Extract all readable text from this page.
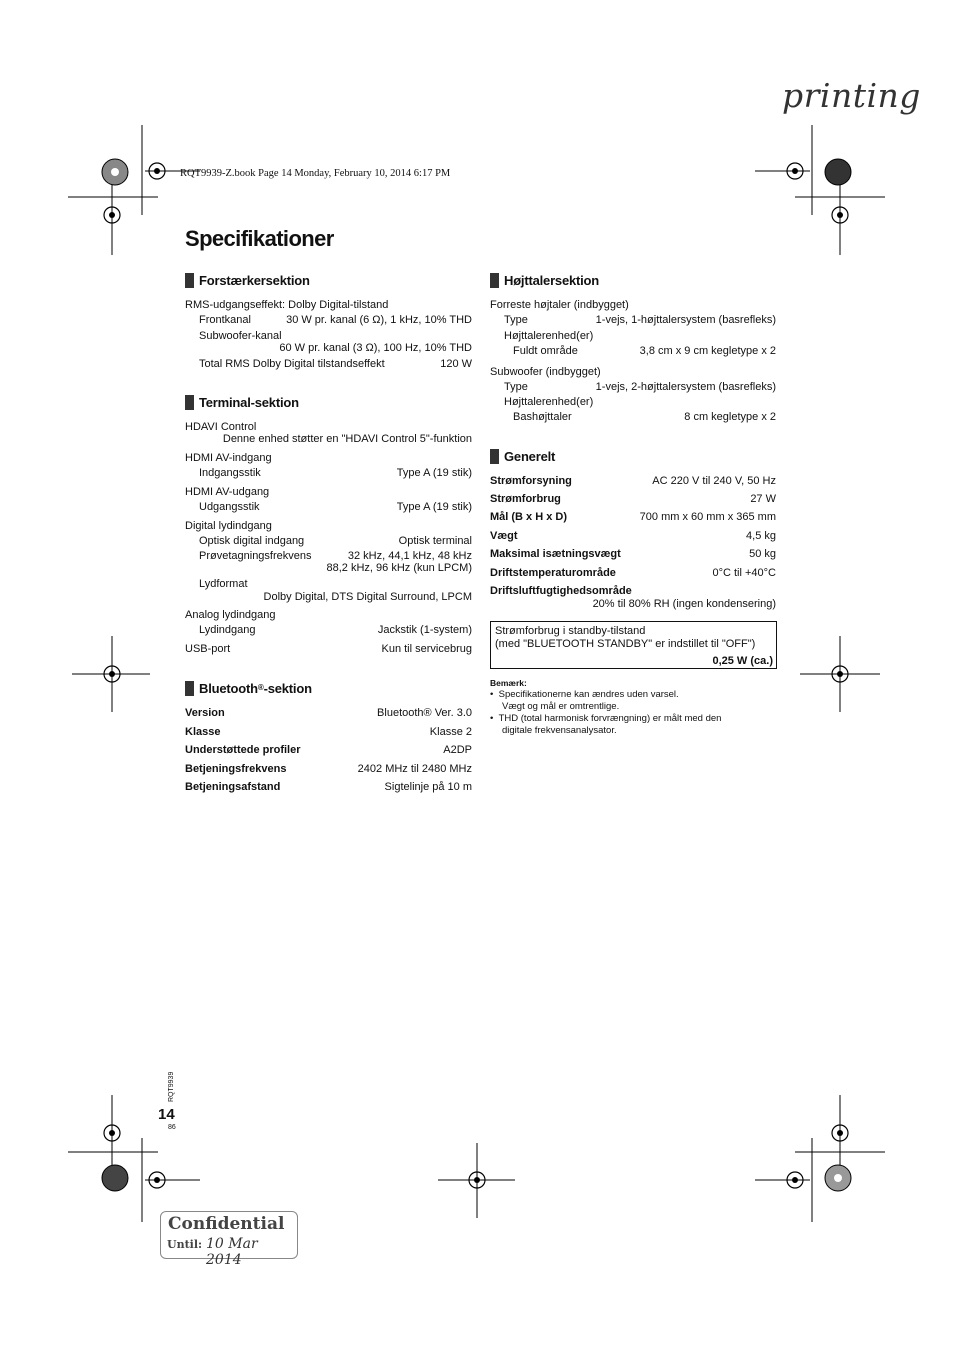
printing
RQT9939-Z.book Page 14 Monday, February 10, 2014 6:17 PM
Specifikationer
Forstærkersektion
RMS-udgangseffekt: Dolby Digital-tilstand
Frontkanal	30 W pr. kanal (6 Ω), 1 kHz, 10% THD
Subwoofer-kanal
60 W pr. kanal (3 Ω), 100 Hz, 10% THD
Total RMS Dolby Digital tilstandseffekt	120 W
Terminal-sektion
HDAVI Control
Denne enhed støtter en "HDAVI Control 5"-funktion
HDMI AV-indgang
Indgangsstik	Type A (19 stik)
HDMI AV-udgang
Udgangsstik	Type A (19 stik)
Digital lydindgang
Optisk digital indgang	Optisk terminal
Prøvetagningsfrekvens	32 kHz, 44,1 kHz, 48 kHz
88,2 kHz, 96 kHz (kun LPCM)
Lydformat
Dolby Digital, DTS Digital Surround, LPCM
Analog lydindgang
Lydindgang	Jackstik (1-system)
USB-port	Kun til servicebrug
Bluetooth ® -sektion
Version	Bluetooth® Ver. 3.0
Klasse	Klasse 2
Understøttede profiler	A2DP
Betjeningsfrekvens	2402 MHz til 2480 MHz
Betjeningsafstand	Sigtelinje på 10 m
Højttalersektion
Forreste højtaler (indbygget)
Type	1-vejs, 1-højttalersystem (basrefleks)
Højttalerenhed(er)
Fuldt område	3,8 cm x 9 cm kegletype x 2
Subwoofer (indbygget)
Type	1-vejs, 2-højttalersystem (basrefleks)
Højttalerenhed(er)
Bashøjttaler	8 cm kegletype x 2
Generelt
Strømforsyning	AC 220 V til 240 V, 50 Hz
Strømforbrug	27 W
Mål (B x H x D)	700 mm x 60 mm x 365 mm
Vægt	4,5 kg
Maksimal isætningsvægt	50 kg
Driftstemperaturområde	0°C til +40°C
Driftsluftfugtighedsområde
20% til 80% RH (ingen kondensering)
Strømforbrug i standby-tilstand
(med "BLUETOOTH STANDBY" er indstillet til "OFF")
0,25 W (ca.)
Bemærk:
•  Specifikationerne kan ændres uden varsel.
Vægt og mål er omtrentlige.
•  THD (total harmonisk forvrængning) er målt med den
digitale frekvensanalysator.
RQT9939
14
86
Confidential
Until: 10 Mar 2014
